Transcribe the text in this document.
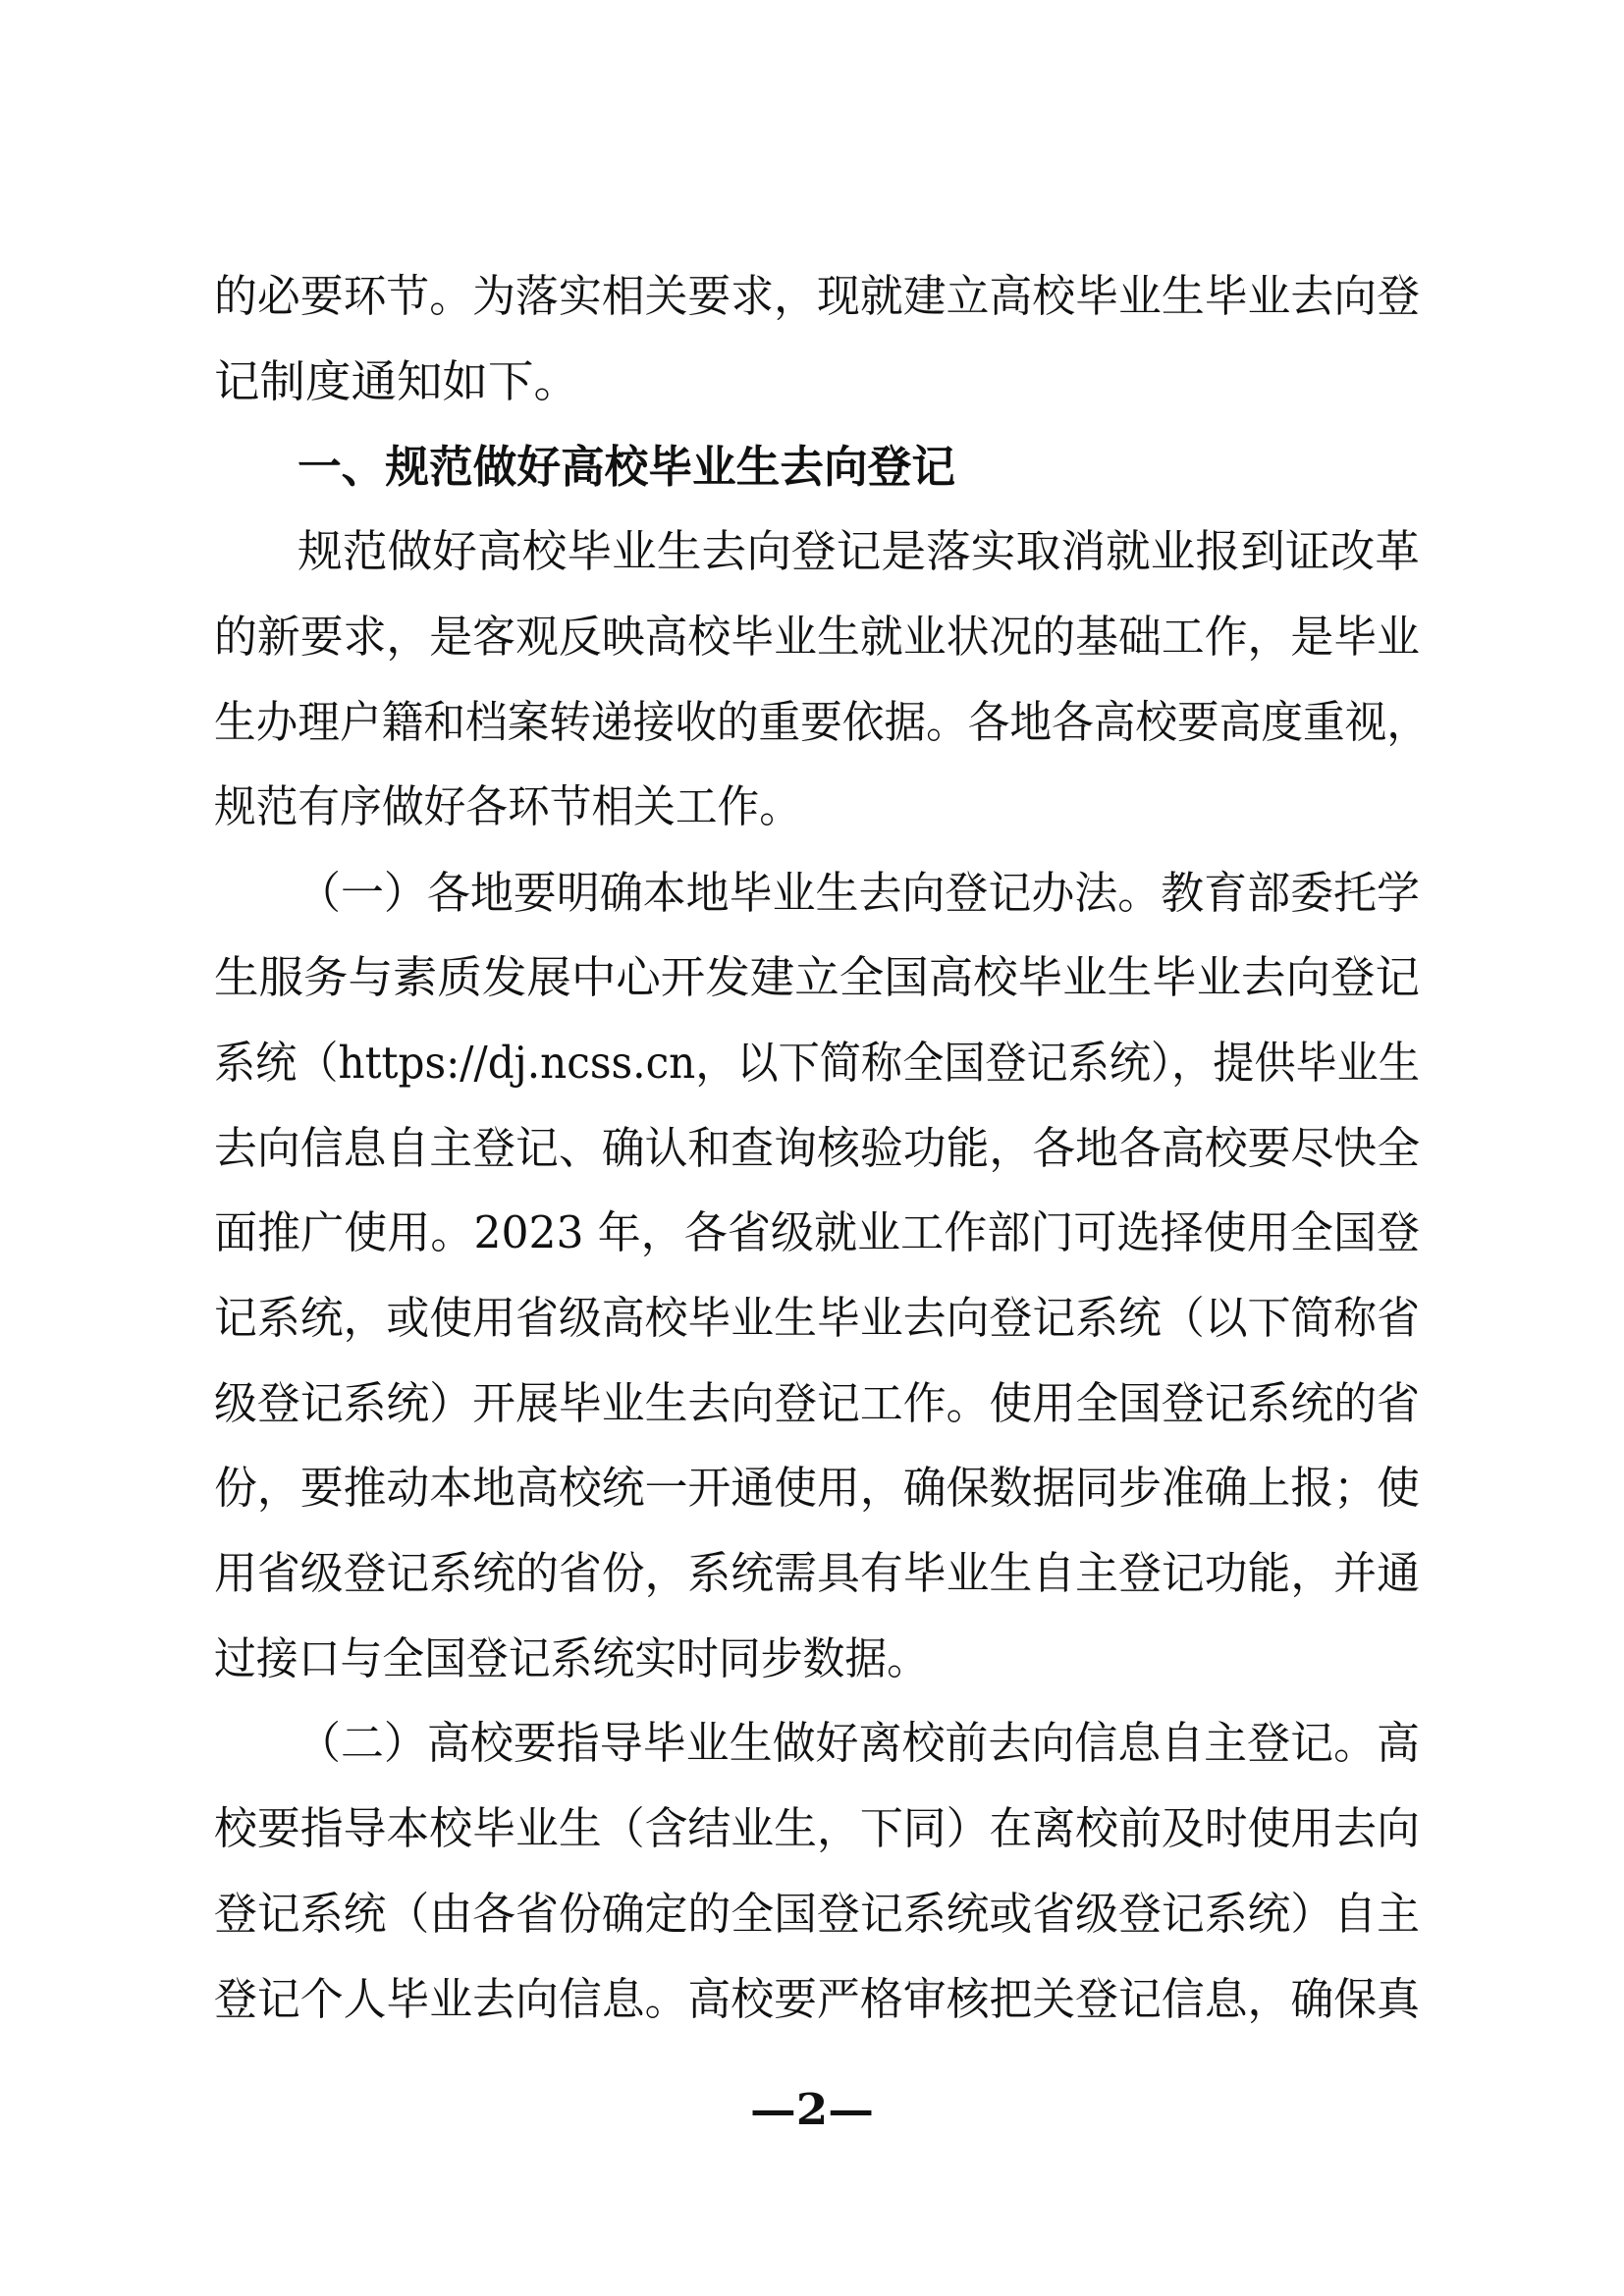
的必要环节。为落实相关要求，现就建立高校毕业生毕业去向登
记制度通知如下。
一、规范做好高校毕业生去向登记
规范做好高校毕业生去向登记是落实取消就业报到证改革
的新要求，是客观反映高校毕业生就业状况的基础工作，是毕业
生办理户籍和档案转递接收的重要依据。各地各高校要高度重视，
规范有序做好各环节相关工作。
（一）各地要明确本地毕业生去向登记办法。教育部委托学
生服务与素质发展中心开发建立全国高校毕业生毕业去向登记
系统（https://dj.ncss.cn，以下简称全国登记系统），提供毕业生
去向信息自主登记、确认和查询核验功能，各地各高校要尽快全
面推广使用。2023 年，各省级就业工作部门可选择使用全国登
记系统，或使用省级高校毕业生毕业去向登记系统（以下简称省
级登记系统）开展毕业生去向登记工作。使用全国登记系统的省
份，要推动本地高校统一开通使用，确保数据同步准确上报；使
用省级登记系统的省份，系统需具有毕业生自主登记功能，并通
过接口与全国登记系统实时同步数据。
（二）高校要指导毕业生做好离校前去向信息自主登记。高
校要指导本校毕业生（含结业生，下同）在离校前及时使用去向
登记系统（由各省份确定的全国登记系统或省级登记系统）自主
登记个人毕业去向信息。高校要严格审核把关登记信息，确保真
—2—
